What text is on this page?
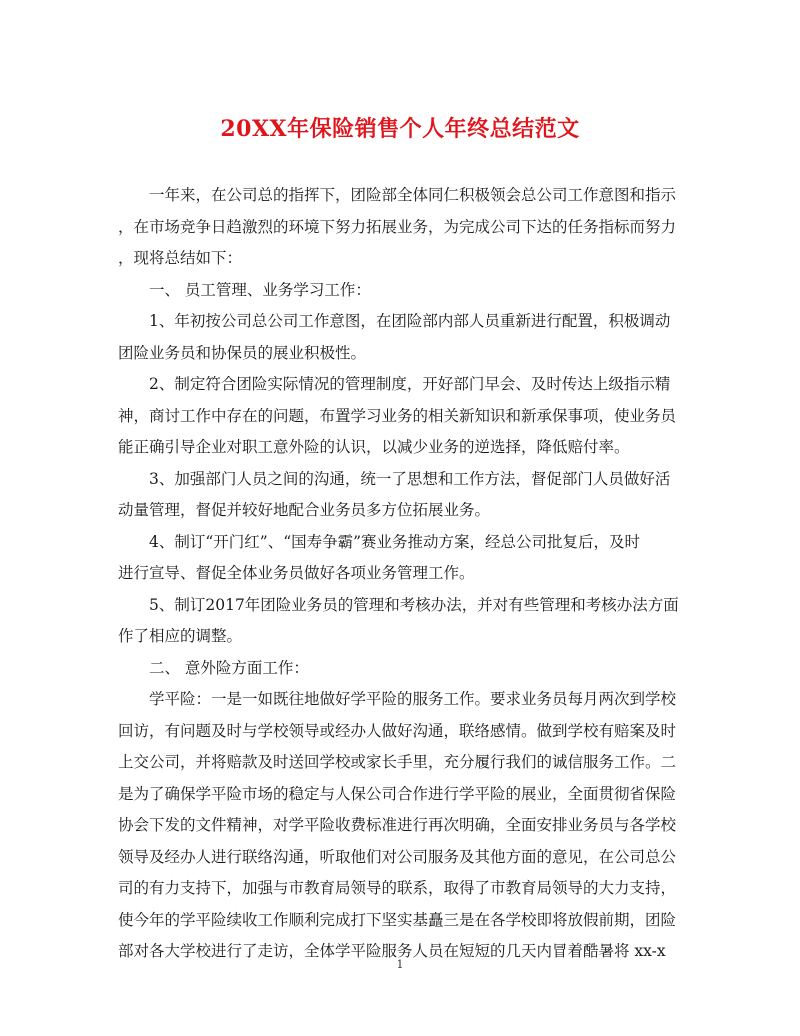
20XX年保险销售个人年终总结范文
一年来，在公司总的指挥下，团险部全体同仁积极领会总公司工作意图和指示
，在市场竞争日趋激烈的环境下努力拓展业务，为完成公司下达的任务指标而努力
，现将总结如下：
一、 员工管理、业务学习工作：
1、年初按公司总公司工作意图，在团险部内部人员重新进行配置，积极调动
团险业务员和协保员的展业积极性。
2、制定符合团险实际情况的管理制度，开好部门早会、及时传达上级指示精
神，商讨工作中存在的问题，布置学习业务的相关新知识和新承保事项，使业务员
能正确引导企业对职工意外险的认识，以减少业务的逆选择，降低赔付率。
3、加强部门人员之间的沟通，统一了思想和工作方法，督促部门人员做好活
动量管理，督促并较好地配合业务员多方位拓展业务。
4、制订“开门红”、“国寿争霸”赛业务推动方案，经总公司批复后，及时
进行宣导、督促全体业务员做好各项业务管理工作。
5、制订2017年团险业务员的管理和考核办法，并对有些管理和考核办法方面
作了相应的调整。
二、 意外险方面工作：
学平险：一是一如既往地做好学平险的服务工作。要求业务员每月两次到学校
回访，有问题及时与学校领导或经办人做好沟通，联络感情。做到学校有赔案及时
上交公司，并将赔款及时送回学校或家长手里，充分履行我们的诚信服务工作。二
是为了确保学平险市场的稳定与人保公司合作进行学平险的展业，全面贯彻省保险
协会下发的文件精神，对学平险收费标准进行再次明确，全面安排业务员与各学校
领导及经办人进行联络沟通，听取他们对公司服务及其他方面的意见，在公司总公
司的有力支持下，加强与市教育局领导的联系，取得了市教育局领导的大力支持，
使今年的学平险续收工作顺利完成打下坚实基矗三是在各学校即将放假前期，团险
部对各大学校进行了走访，全体学平险服务人员在短短的几天内冒着酷暑将 xx-x
1
